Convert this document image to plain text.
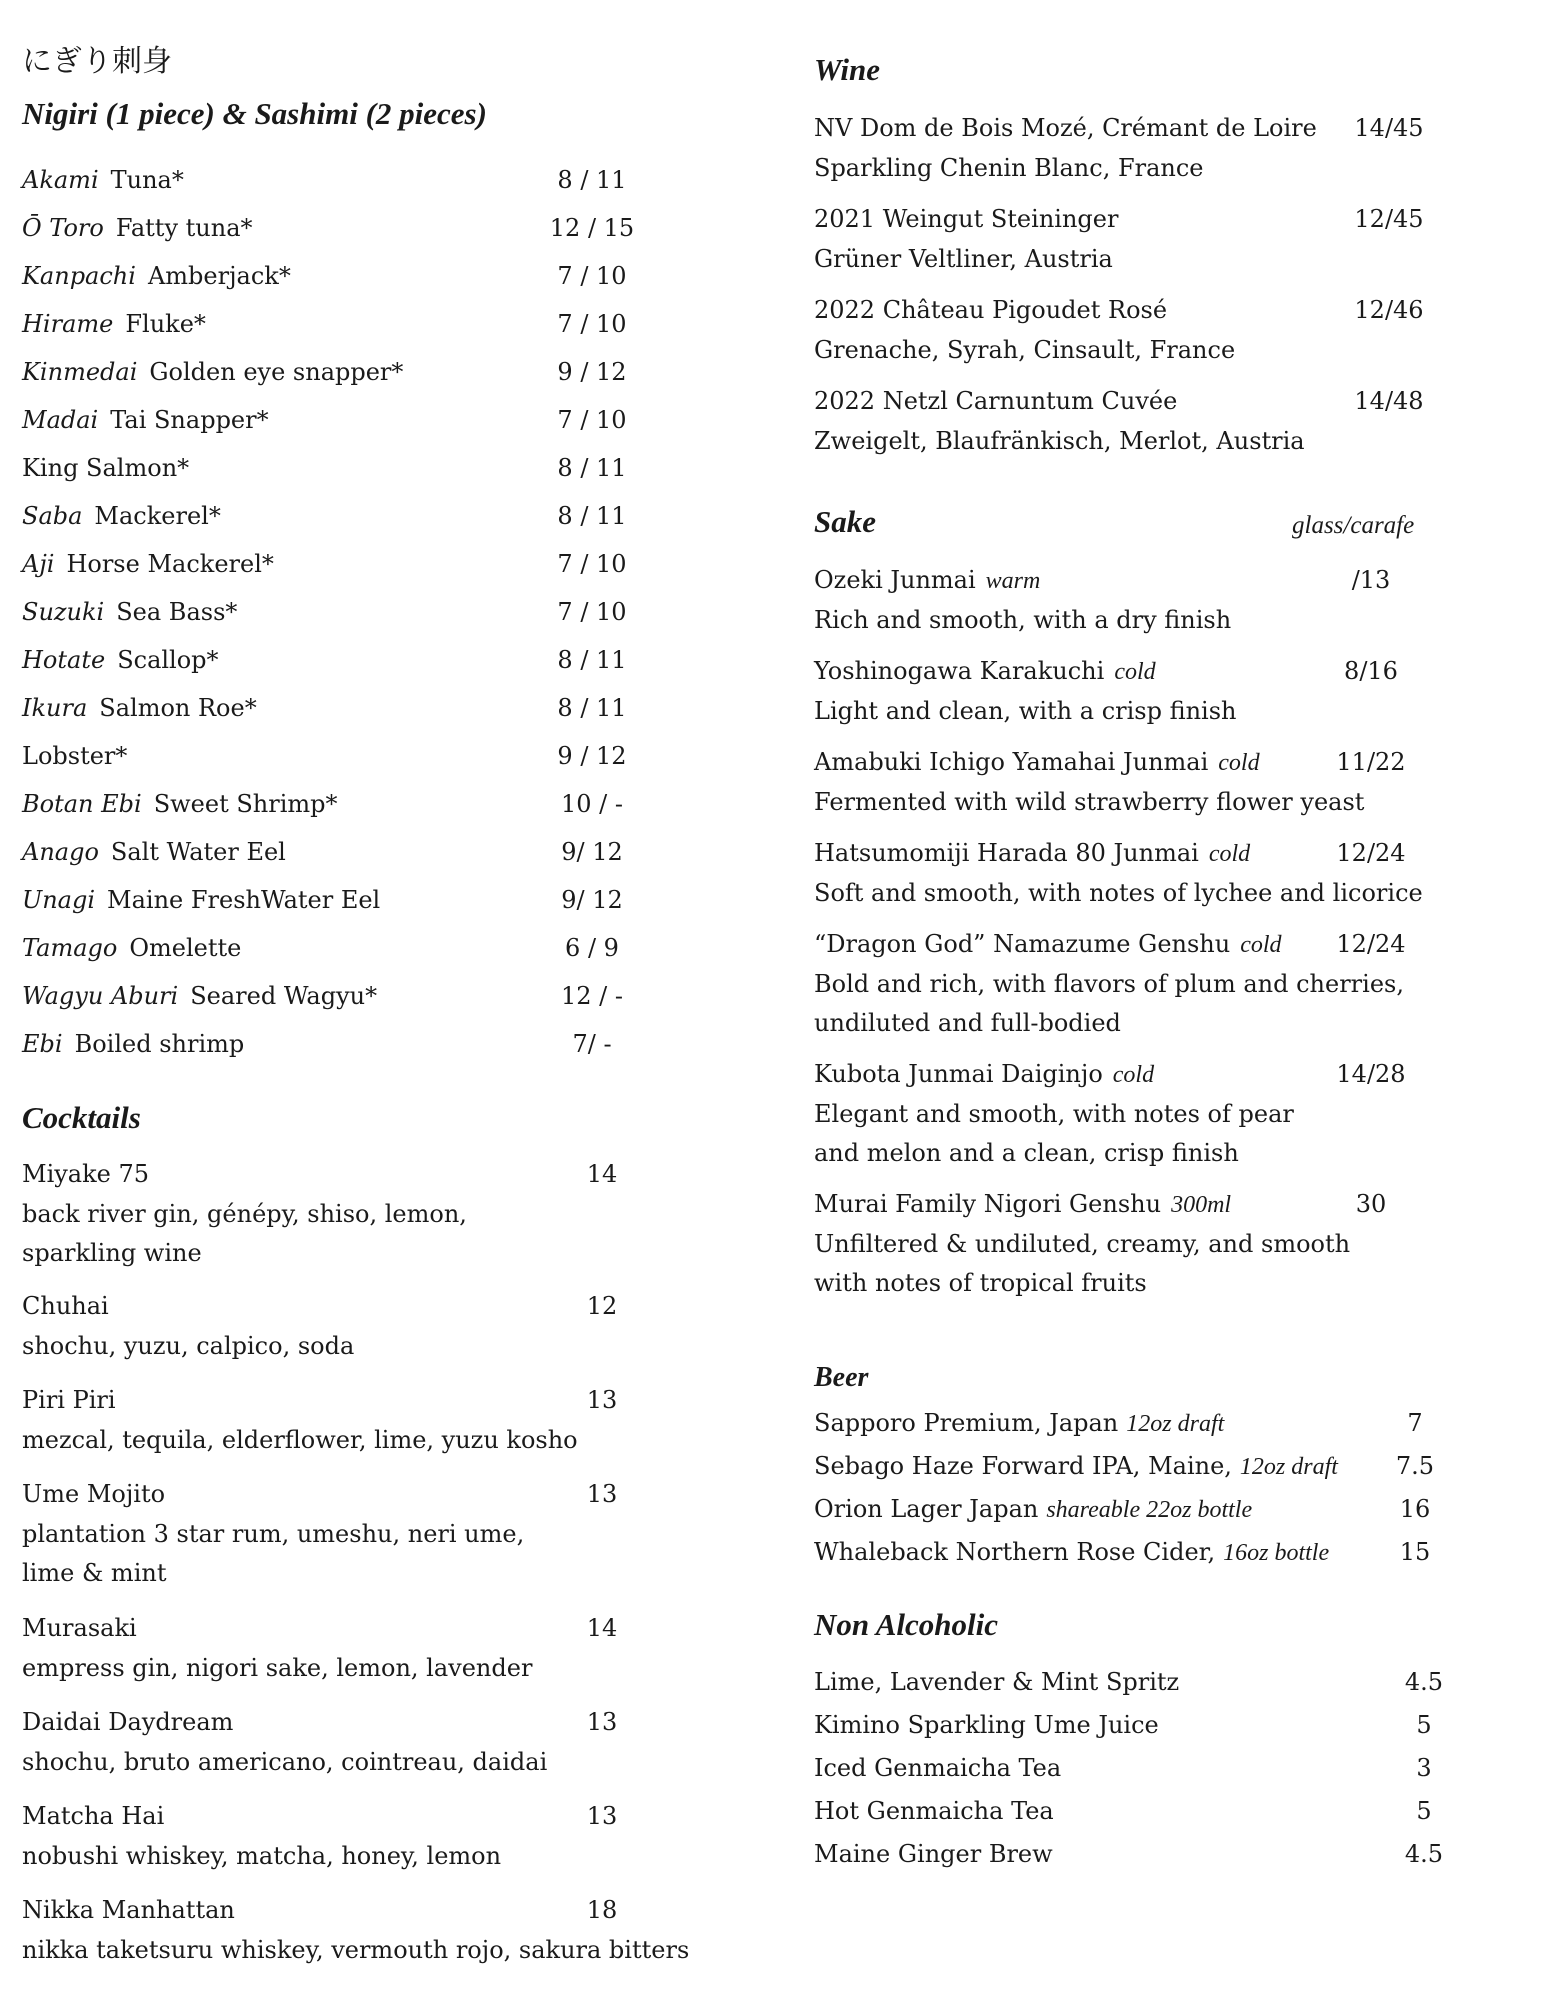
にぎり刺身
Nigiri (1 piece) & Sashimi (2 pieces)
Akami Tuna*	8 / 11
Ō Toro Fatty tuna*	12 / 15
Kanpachi Amberjack*	7 / 10
Hirame Fluke*	7 / 10
Kinmedai Golden eye snapper*	9 / 12
Madai Tai Snapper*	7 / 10
King Salmon*	8 / 11
Saba Mackerel*	8 / 11
Aji Horse Mackerel*	7 / 10
Suzuki Sea Bass*	7 / 10
Hotate Scallop*	8 / 11
Ikura Salmon Roe*	8 / 11
Lobster*	9 / 12
Botan Ebi Sweet Shrimp*	10 / -
Anago Salt Water Eel	9/ 12
Unagi Maine FreshWater Eel	9/ 12
Tamago Omelette	6 / 9
Wagyu Aburi Seared Wagyu*	12 / -
Ebi Boiled shrimp	7/ -
Cocktails
Miyake 75	14
back river gin, génépy, shiso, lemon,
sparkling wine
Chuhai	12
shochu, yuzu, calpico, soda
Piri Piri	13
mezcal, tequila, elderflower, lime, yuzu kosho
Ume Mojito	13
plantation 3 star rum, umeshu, neri ume,
lime & mint
Murasaki	14
empress gin, nigori sake, lemon, lavender
Daidai Daydream	13
shochu, bruto americano, cointreau, daidai
Matcha Hai	13
nobushi whiskey, matcha, honey, lemon
Nikka Manhattan	18
nikka taketsuru whiskey, vermouth rojo, sakura bitters
Wine
NV Dom de Bois Mozé, Crémant de Loire	14/45
Sparkling Chenin Blanc, France
2021 Weingut Steininger	12/45
Grüner Veltliner, Austria
2022 Château Pigoudet Rosé	12/46
Grenache, Syrah, Cinsault, France
2022 Netzl Carnuntum Cuvée	14/48
Zweigelt, Blaufränkisch, Merlot, Austria
Sake	glass/carafe
Ozeki Junmai warm	/13
Rich and smooth, with a dry finish
Yoshinogawa Karakuchi cold	8/16
Light and clean, with a crisp finish
Amabuki Ichigo Yamahai Junmai cold	11/22
Fermented with wild strawberry flower yeast
Hatsumomiji Harada 80 Junmai cold	12/24
Soft and smooth, with notes of lychee and licorice
“Dragon God” Namazume Genshu cold	12/24
Bold and rich, with flavors of plum and cherries,
undiluted and full-bodied
Kubota Junmai Daiginjo cold	14/28
Elegant and smooth, with notes of pear
and melon and a clean, crisp finish
Murai Family Nigori Genshu 300ml	30
Unfiltered & undiluted, creamy, and smooth
with notes of tropical fruits
Beer
Sapporo Premium, Japan 12oz draft	7
Sebago Haze Forward IPA, Maine, 12oz draft	7.5
Orion Lager Japan shareable 22oz bottle	16
Whaleback Northern Rose Cider, 16oz bottle	15
Non Alcoholic
Lime, Lavender & Mint Spritz	4.5
Kimino Sparkling Ume Juice	5
Iced Genmaicha Tea	3
Hot Genmaicha Tea	5
Maine Ginger Brew	4.5
